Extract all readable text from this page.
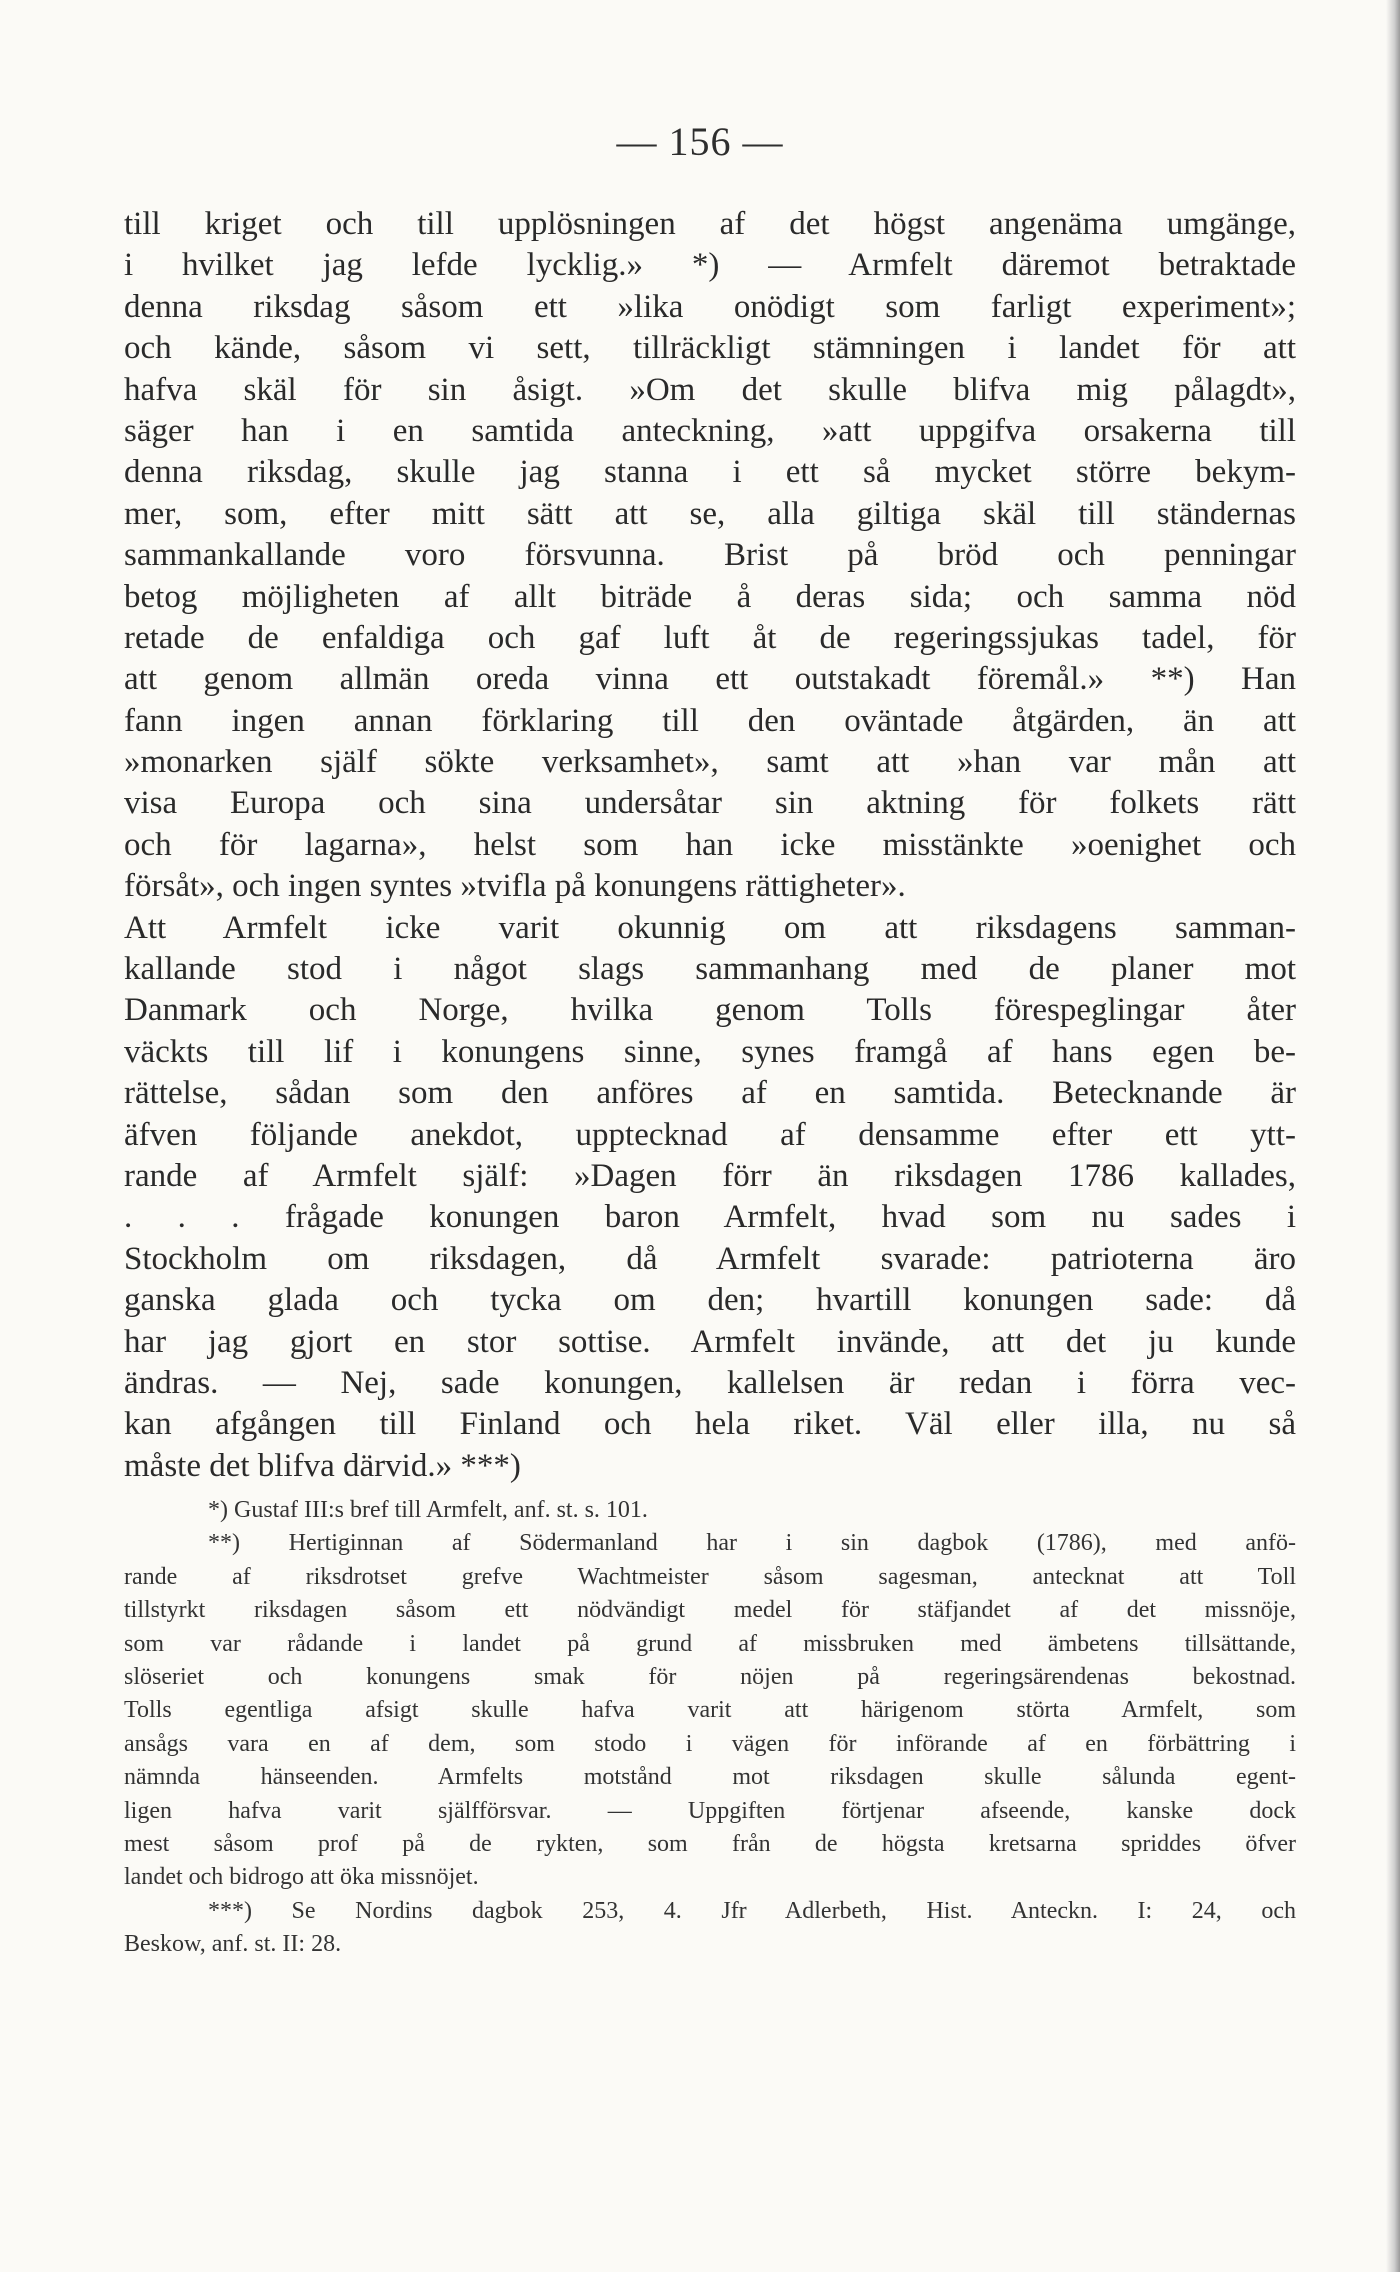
— 156 —
till kriget och till upplösningen af det högst angenäma umgänge,
i hvilket jag lefde lycklig.» *) — Armfelt däremot betraktade
denna riksdag såsom ett »lika onödigt som farligt experiment»;
och kände, såsom vi sett, tillräckligt stämningen i landet för att
hafva skäl för sin åsigt. »Om det skulle blifva mig pålagdt»,
säger han i en samtida anteckning, »att uppgifva orsakerna till
denna riksdag, skulle jag stanna i ett så mycket större bekym-
mer, som, efter mitt sätt att se, alla giltiga skäl till ständernas
sammankallande voro försvunna. Brist på bröd och penningar
betog möjligheten af allt biträde å deras sida; och samma nöd
retade de enfaldiga och gaf luft åt de regeringssjukas tadel, för
att genom allmän oreda vinna ett outstakadt föremål.» **) Han
fann ingen annan förklaring till den oväntade åtgärden, än att
»monarken själf sökte verksamhet», samt att »han var mån att
visa Europa och sina undersåtar sin aktning för folkets rätt
och för lagarna», helst som han icke misstänkte »oenighet och
försåt», och ingen syntes »tvifla på konungens rättigheter».
Att Armfelt icke varit okunnig om att riksdagens samman-
kallande stod i något slags sammanhang med de planer mot
Danmark och Norge, hvilka genom Tolls förespeglingar åter
väckts till lif i konungens sinne, synes framgå af hans egen be-
rättelse, sådan som den anföres af en samtida. Betecknande är
äfven följande anekdot, upptecknad af densamme efter ett ytt-
rande af Armfelt själf: »Dagen förr än riksdagen 1786 kallades,
. . . frågade konungen baron Armfelt, hvad som nu sades i
Stockholm om riksdagen, då Armfelt svarade: patrioterna äro
ganska glada och tycka om den; hvartill konungen sade: då
har jag gjort en stor sottise. Armfelt invände, att det ju kunde
ändras. — Nej, sade konungen, kallelsen är redan i förra vec-
kan afgången till Finland och hela riket. Väl eller illa, nu så
måste det blifva därvid.» ***)
*) Gustaf III:s bref till Armfelt, anf. st. s. 101.
**) Hertiginnan af Södermanland har i sin dagbok (1786), med anfö-
rande af riksdrotset grefve Wachtmeister såsom sagesman, antecknat att Toll
tillstyrkt riksdagen såsom ett nödvändigt medel för stäfjandet af det missnöje,
som var rådande i landet på grund af missbruken med ämbetens tillsättande,
slöseriet och konungens smak för nöjen på regeringsärendenas bekostnad.
Tolls egentliga afsigt skulle hafva varit att härigenom störta Armfelt, som
ansågs vara en af dem, som stodo i vägen för införande af en förbättring i
nämnda hänseenden. Armfelts motstånd mot riksdagen skulle sålunda egent-
ligen hafva varit själfförsvar. — Uppgiften förtjenar afseende, kanske dock
mest såsom prof på de rykten, som från de högsta kretsarna spriddes öfver
landet och bidrogo att öka missnöjet.
***) Se Nordins dagbok 253, 4. Jfr Adlerbeth, Hist. Anteckn. I: 24, och
Beskow, anf. st. II: 28.
